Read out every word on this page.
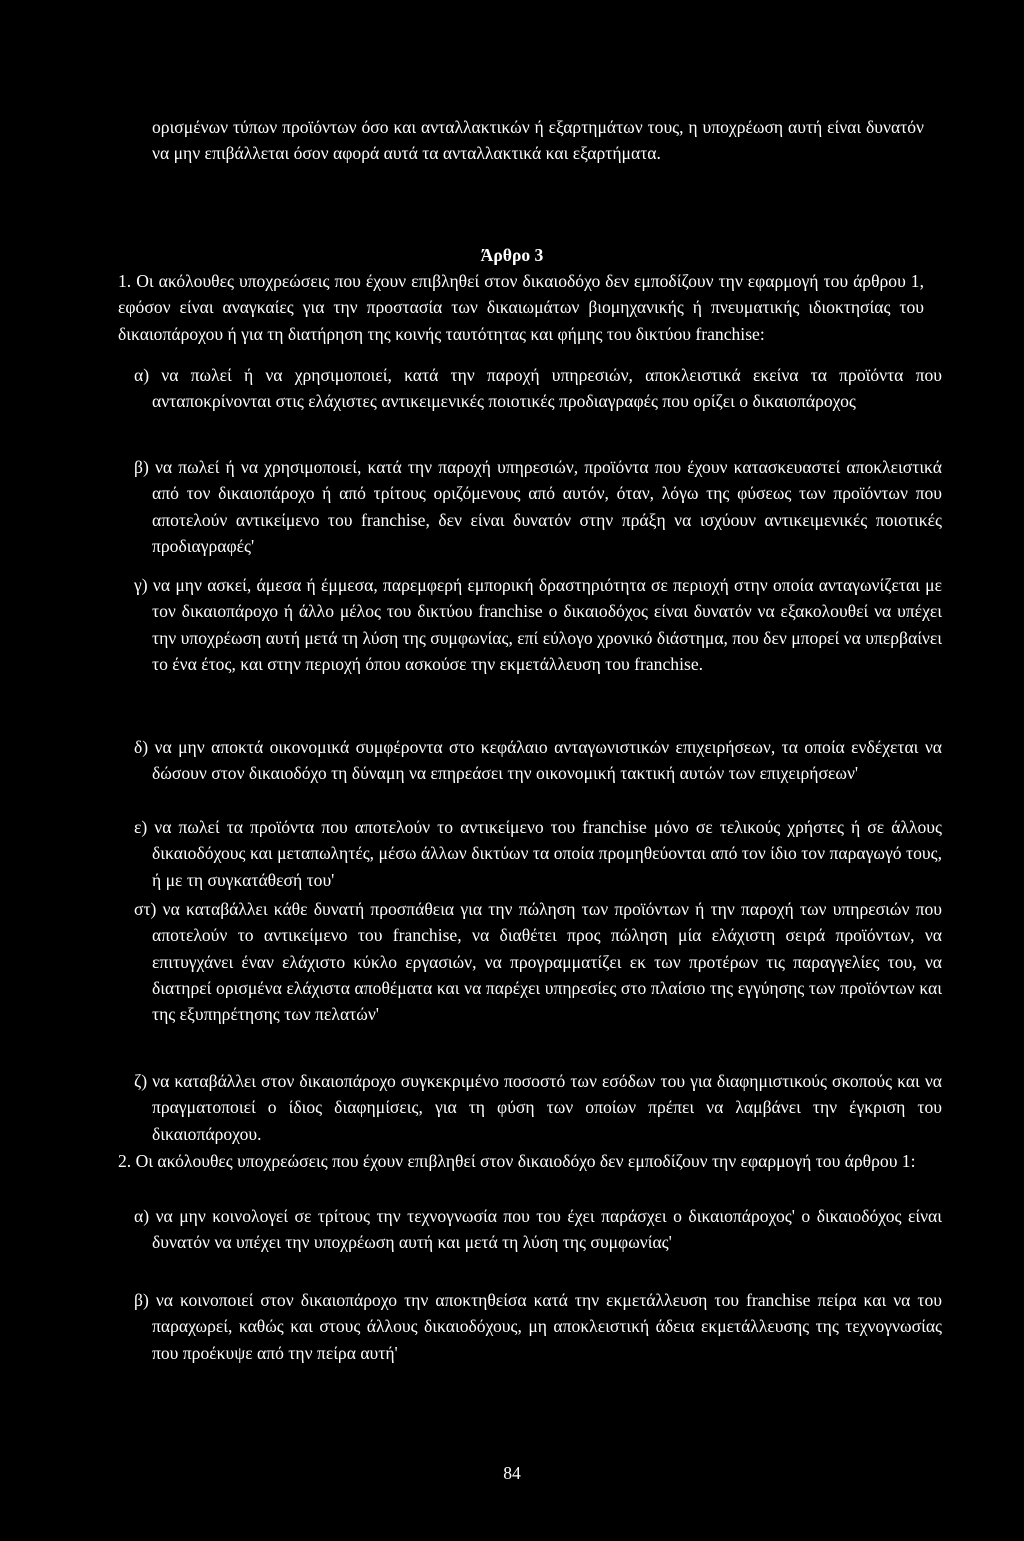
ορισμένων τύπων προϊόντων όσο και ανταλλακτικών ή εξαρτημάτων τους, η υποχρέωση αυτή είναι δυνατόν να μην επιβάλλεται όσον αφορά αυτά τα ανταλλακτικά και εξαρτήματα.
Άρθρο 3
1. Οι ακόλουθες υποχρεώσεις που έχουν επιβληθεί στον δικαιοδόχο δεν εμποδίζουν την εφαρμογή του άρθρου 1, εφόσον είναι αναγκαίες για την προστασία των δικαιωμάτων βιομηχανικής ή πνευματικής ιδιοκτησίας του δικαιοπάροχου ή για τη διατήρηση της κοινής ταυτότητας και φήμης του δικτύου franchise:
α) να πωλεί ή να χρησιμοποιεί, κατά την παροχή υπηρεσιών, αποκλειστικά εκείνα τα προϊόντα που ανταποκρίνονται στις ελάχιστες αντικειμενικές ποιοτικές προδιαγραφές που ορίζει ο δικαιοπάροχος
β) να πωλεί ή να χρησιμοποιεί, κατά την παροχή υπηρεσιών, προϊόντα που έχουν κατασκευαστεί αποκλειστικά από τον δικαιοπάροχο ή από τρίτους οριζόμενους από αυτόν, όταν, λόγω της φύσεως των προϊόντων που αποτελούν αντικείμενο του franchise, δεν είναι δυνατόν στην πράξη να ισχύουν αντικειμενικές ποιοτικές προδιαγραφές'
γ) να μην ασκεί, άμεσα ή έμμεσα, παρεμφερή εμπορική δραστηριότητα σε περιοχή στην οποία ανταγωνίζεται με τον δικαιοπάροχο ή άλλο μέλος του δικτύου franchise ο δικαιοδόχος είναι δυνατόν να εξακολουθεί να υπέχει την υποχρέωση αυτή μετά τη λύση της συμφωνίας, επί εύλογο χρονικό διάστημα, που δεν μπορεί να υπερβαίνει το ένα έτος, και στην περιοχή όπου ασκούσε την εκμετάλλευση του franchise.
δ) να μην αποκτά οικονομικά συμφέροντα στο κεφάλαιο ανταγωνιστικών επιχειρήσεων, τα οποία ενδέχεται να δώσουν στον δικαιοδόχο τη δύναμη να επηρεάσει την οικονομική τακτική αυτών των επιχειρήσεων'
ε) να πωλεί τα προϊόντα που αποτελούν το αντικείμενο του franchise μόνο σε τελικούς χρήστες ή σε άλλους δικαιοδόχους και μεταπωλητές, μέσω άλλων δικτύων τα οποία προμηθεύονται από τον ίδιο τον παραγωγό τους, ή με τη συγκατάθεσή του'
στ) να καταβάλλει κάθε δυνατή προσπάθεια για την πώληση των προϊόντων ή την παροχή των υπηρεσιών που αποτελούν το αντικείμενο του franchise, να διαθέτει προς πώληση μία ελάχιστη σειρά προϊόντων, να επιτυγχάνει έναν ελάχιστο κύκλο εργασιών, να προγραμματίζει εκ των προτέρων τις παραγγελίες του, να διατηρεί ορισμένα ελάχιστα αποθέματα και να παρέχει υπηρεσίες στο πλαίσιο της εγγύησης των προϊόντων και της εξυπηρέτησης των πελατών'
ζ) να καταβάλλει στον δικαιοπάροχο συγκεκριμένο ποσοστό των εσόδων του για διαφημιστικούς σκοπούς και να πραγματοποιεί ο ίδιος διαφημίσεις, για τη φύση των οποίων πρέπει να λαμβάνει την έγκριση του δικαιοπάροχου.
2. Οι ακόλουθες υποχρεώσεις που έχουν επιβληθεί στον δικαιοδόχο δεν εμποδίζουν την εφαρμογή του άρθρου 1:
α) να μην κοινολογεί σε τρίτους την τεχνογνωσία που του έχει παράσχει ο δικαιοπάροχος' ο δικαιοδόχος είναι δυνατόν να υπέχει την υποχρέωση αυτή και μετά τη λύση της συμφωνίας'
β) να κοινοποιεί στον δικαιοπάροχο την αποκτηθείσα κατά την εκμετάλλευση του franchise πείρα και να του παραχωρεί, καθώς και στους άλλους δικαιοδόχους, μη αποκλειστική άδεια εκμετάλλευσης της τεχνογνωσίας που προέκυψε από την πείρα αυτή'
84
